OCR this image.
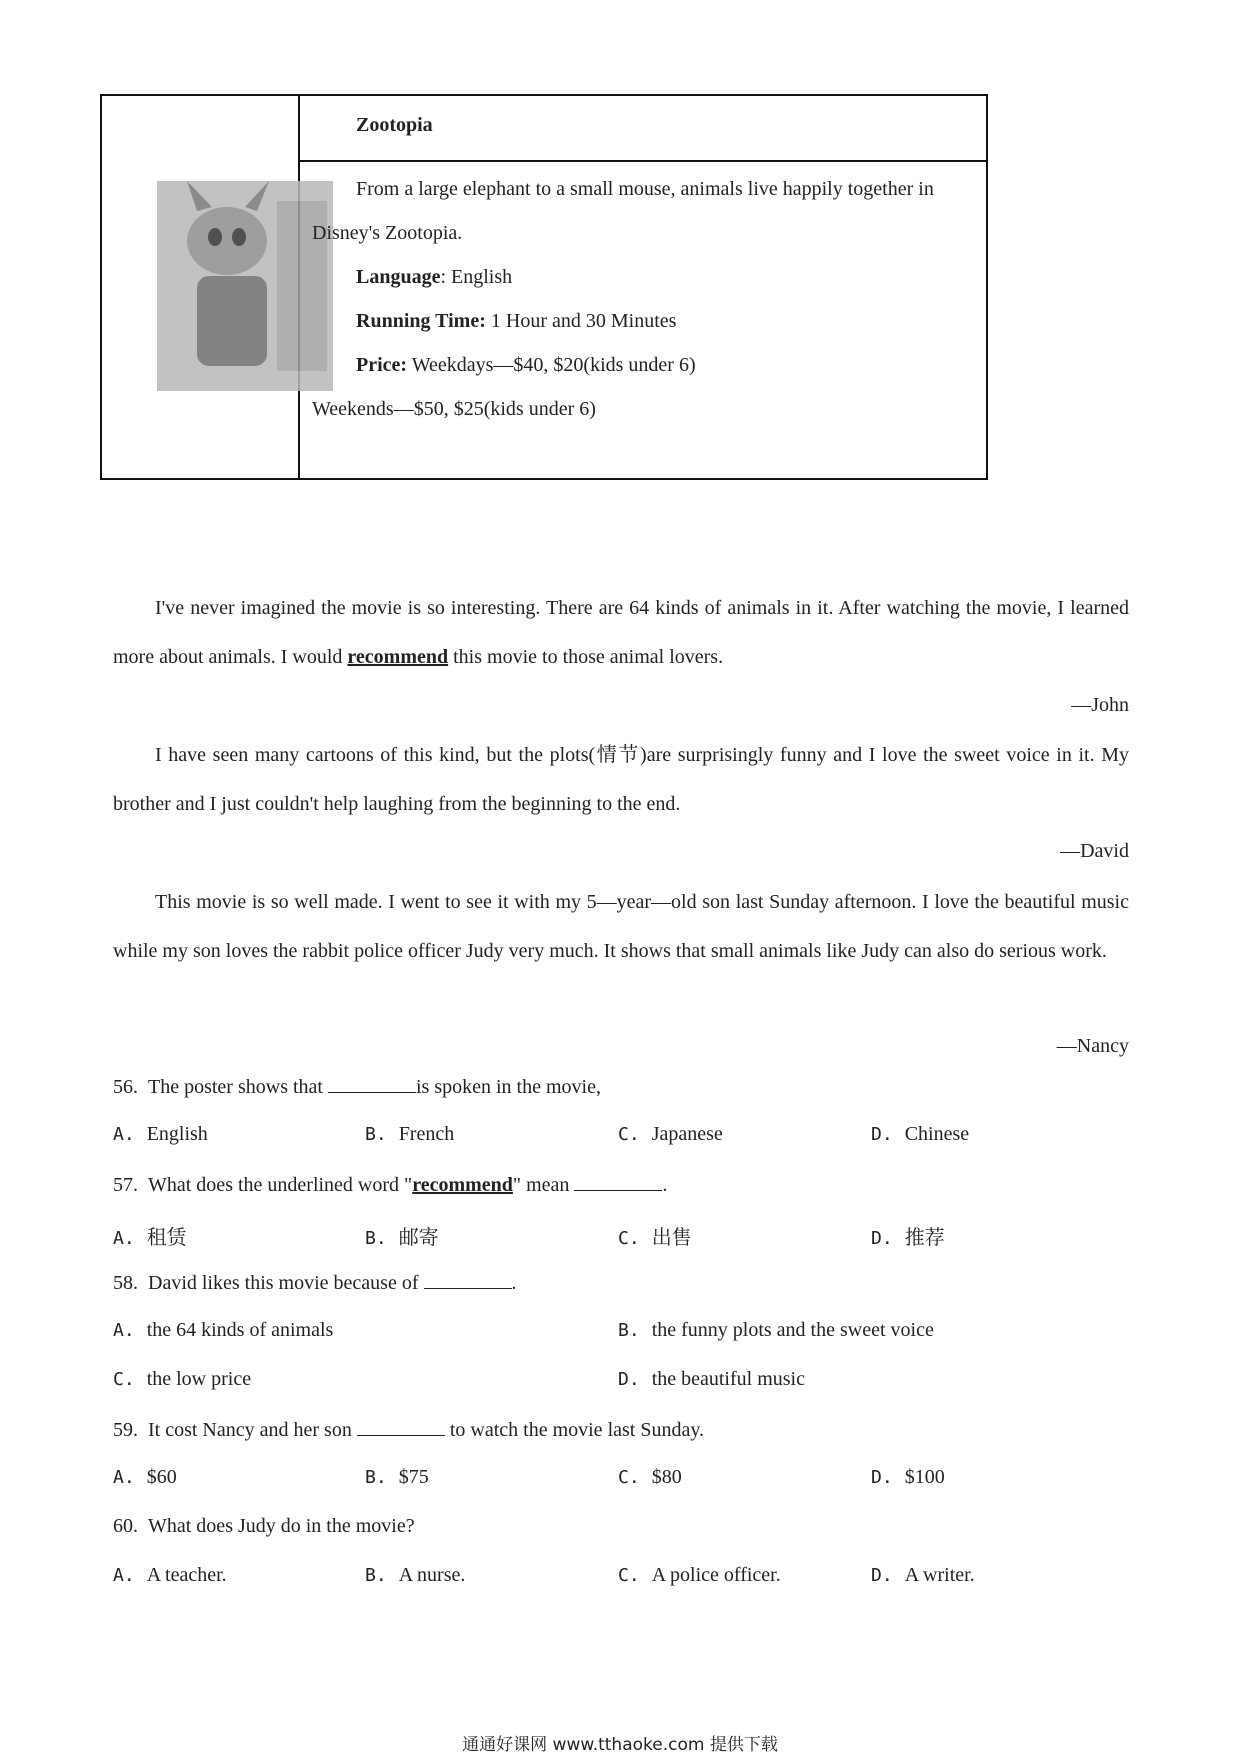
Zootopia
From a large elephant to a small mouse, animals live happily together in
Disney's Zootopia.
Language: English
Running Time: 1 Hour and 30 Minutes
Price: Weekdays—$40, $20(kids under 6)
Weekends—$50, $25(kids under 6)

I've never imagined the movie is so interesting. There are 64 kinds of animals in it. After watching the movie, I learned more about animals. I would recommend this movie to those animal lovers.

—John

I have seen many cartoons of this kind, but the plots(情节)are surprisingly funny and I love the sweet voice in it. My brother and I just couldn't help laughing from the beginning to the end.

—David

This movie is so well made. I went to see it with my 5—year—old son last Sunday afternoon. I love the beautiful music while my son loves the rabbit police officer Judy very much. It shows that small animals like Judy can also do serious work.

—Nancy
56. The poster shows that	is spoken in the movie,
A. English	B. French	C. Japanese	D. Chinese
57. What does the underlined word "recommend" mean	.
A. 租赁	B. 邮寄	C. 出售	D. 推荐
58. David likes this movie because of	.
A. the 64 kinds of animals	B. the funny plots and the sweet voice
C. the low price	D. the beautiful music
59. It cost Nancy and her son	to watch the movie last Sunday.
A. $60	B. $75	C. $80	D. $100
60. What does Judy do in the movie?
A. A teacher.	B. A nurse.	C. A police officer.	D. A writer.
通通好课网 www.tthaoke.com 提供下载
